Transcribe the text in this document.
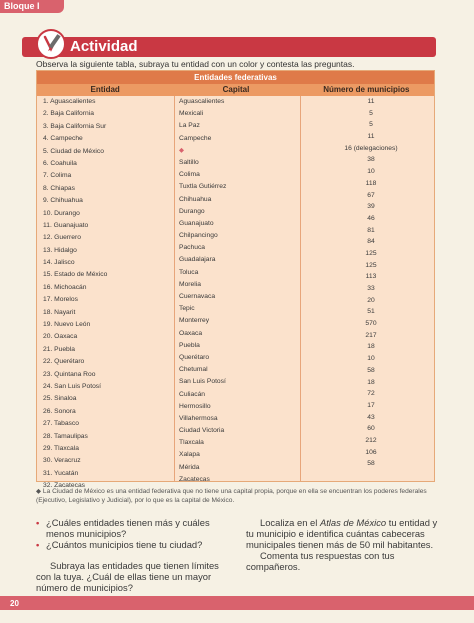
Bloque I
Actividad
Observa la siguiente tabla, subraya tu entidad con un color y contesta las preguntas.
Entidades federativas
Entidad	Capital	Número de municipios
1. Aguascalientes
2. Baja California
3. Baja California Sur
4. Campeche
5. Ciudad de México
6. Coahuila
7. Colima
8. Chiapas
9. Chihuahua
10. Durango
11. Guanajuato
12. Guerrero
13. Hidalgo
14. Jalisco
15. Estado de México
16. Michoacán
17. Morelos
18. Nayarit
19. Nuevo León
20. Oaxaca
21. Puebla
22. Querétaro
23. Quintana Roo
24. San Luis Potosí
25. Sinaloa
26. Sonora
27. Tabasco
28. Tamaulipas
29. Tlaxcala
30. Veracruz
31. Yucatán
32. Zacatecas
Aguascalientes
Mexicali
La Paz
Campeche
◆
Saltillo
Colima
Tuxtla Gutiérrez
Chihuahua
Durango
Guanajuato
Chilpancingo
Pachuca
Guadalajara
Toluca
Morelia
Cuernavaca
Tepic
Monterrey
Oaxaca
Puebla
Querétaro
Chetumal
San Luis Potosí
Culiacán
Hermosillo
Villahermosa
Ciudad Victoria
Tlaxcala
Xalapa
Mérida
Zacatecas
11
5
5
11
16 (delegaciones)
38
10
118
67
39
46
81
84
125
125
113
33
20
51
570
217
18
10
58
18
72
17
43
60
212
106
58
◆ La Ciudad de México es una entidad federativa que no tiene una capital propia, porque en ella se encuentran los poderes federales (Ejecutivo, Legislativo y Judicial), por lo que es la capital de México.
• ¿Cuáles entidades tienen más y cuáles menos municipios?
• ¿Cuántos municipios tiene tu ciudad?

Subraya las entidades que tienen límites con la tuya. ¿Cuál de ellas tiene un mayor número de municipios?

Localiza en el Atlas de México tu entidad y tu municipio e identifica cuántas cabeceras municipales tienen más de 50 mil habitantes.

Comenta tus respuestas con tus compañeros.

20
